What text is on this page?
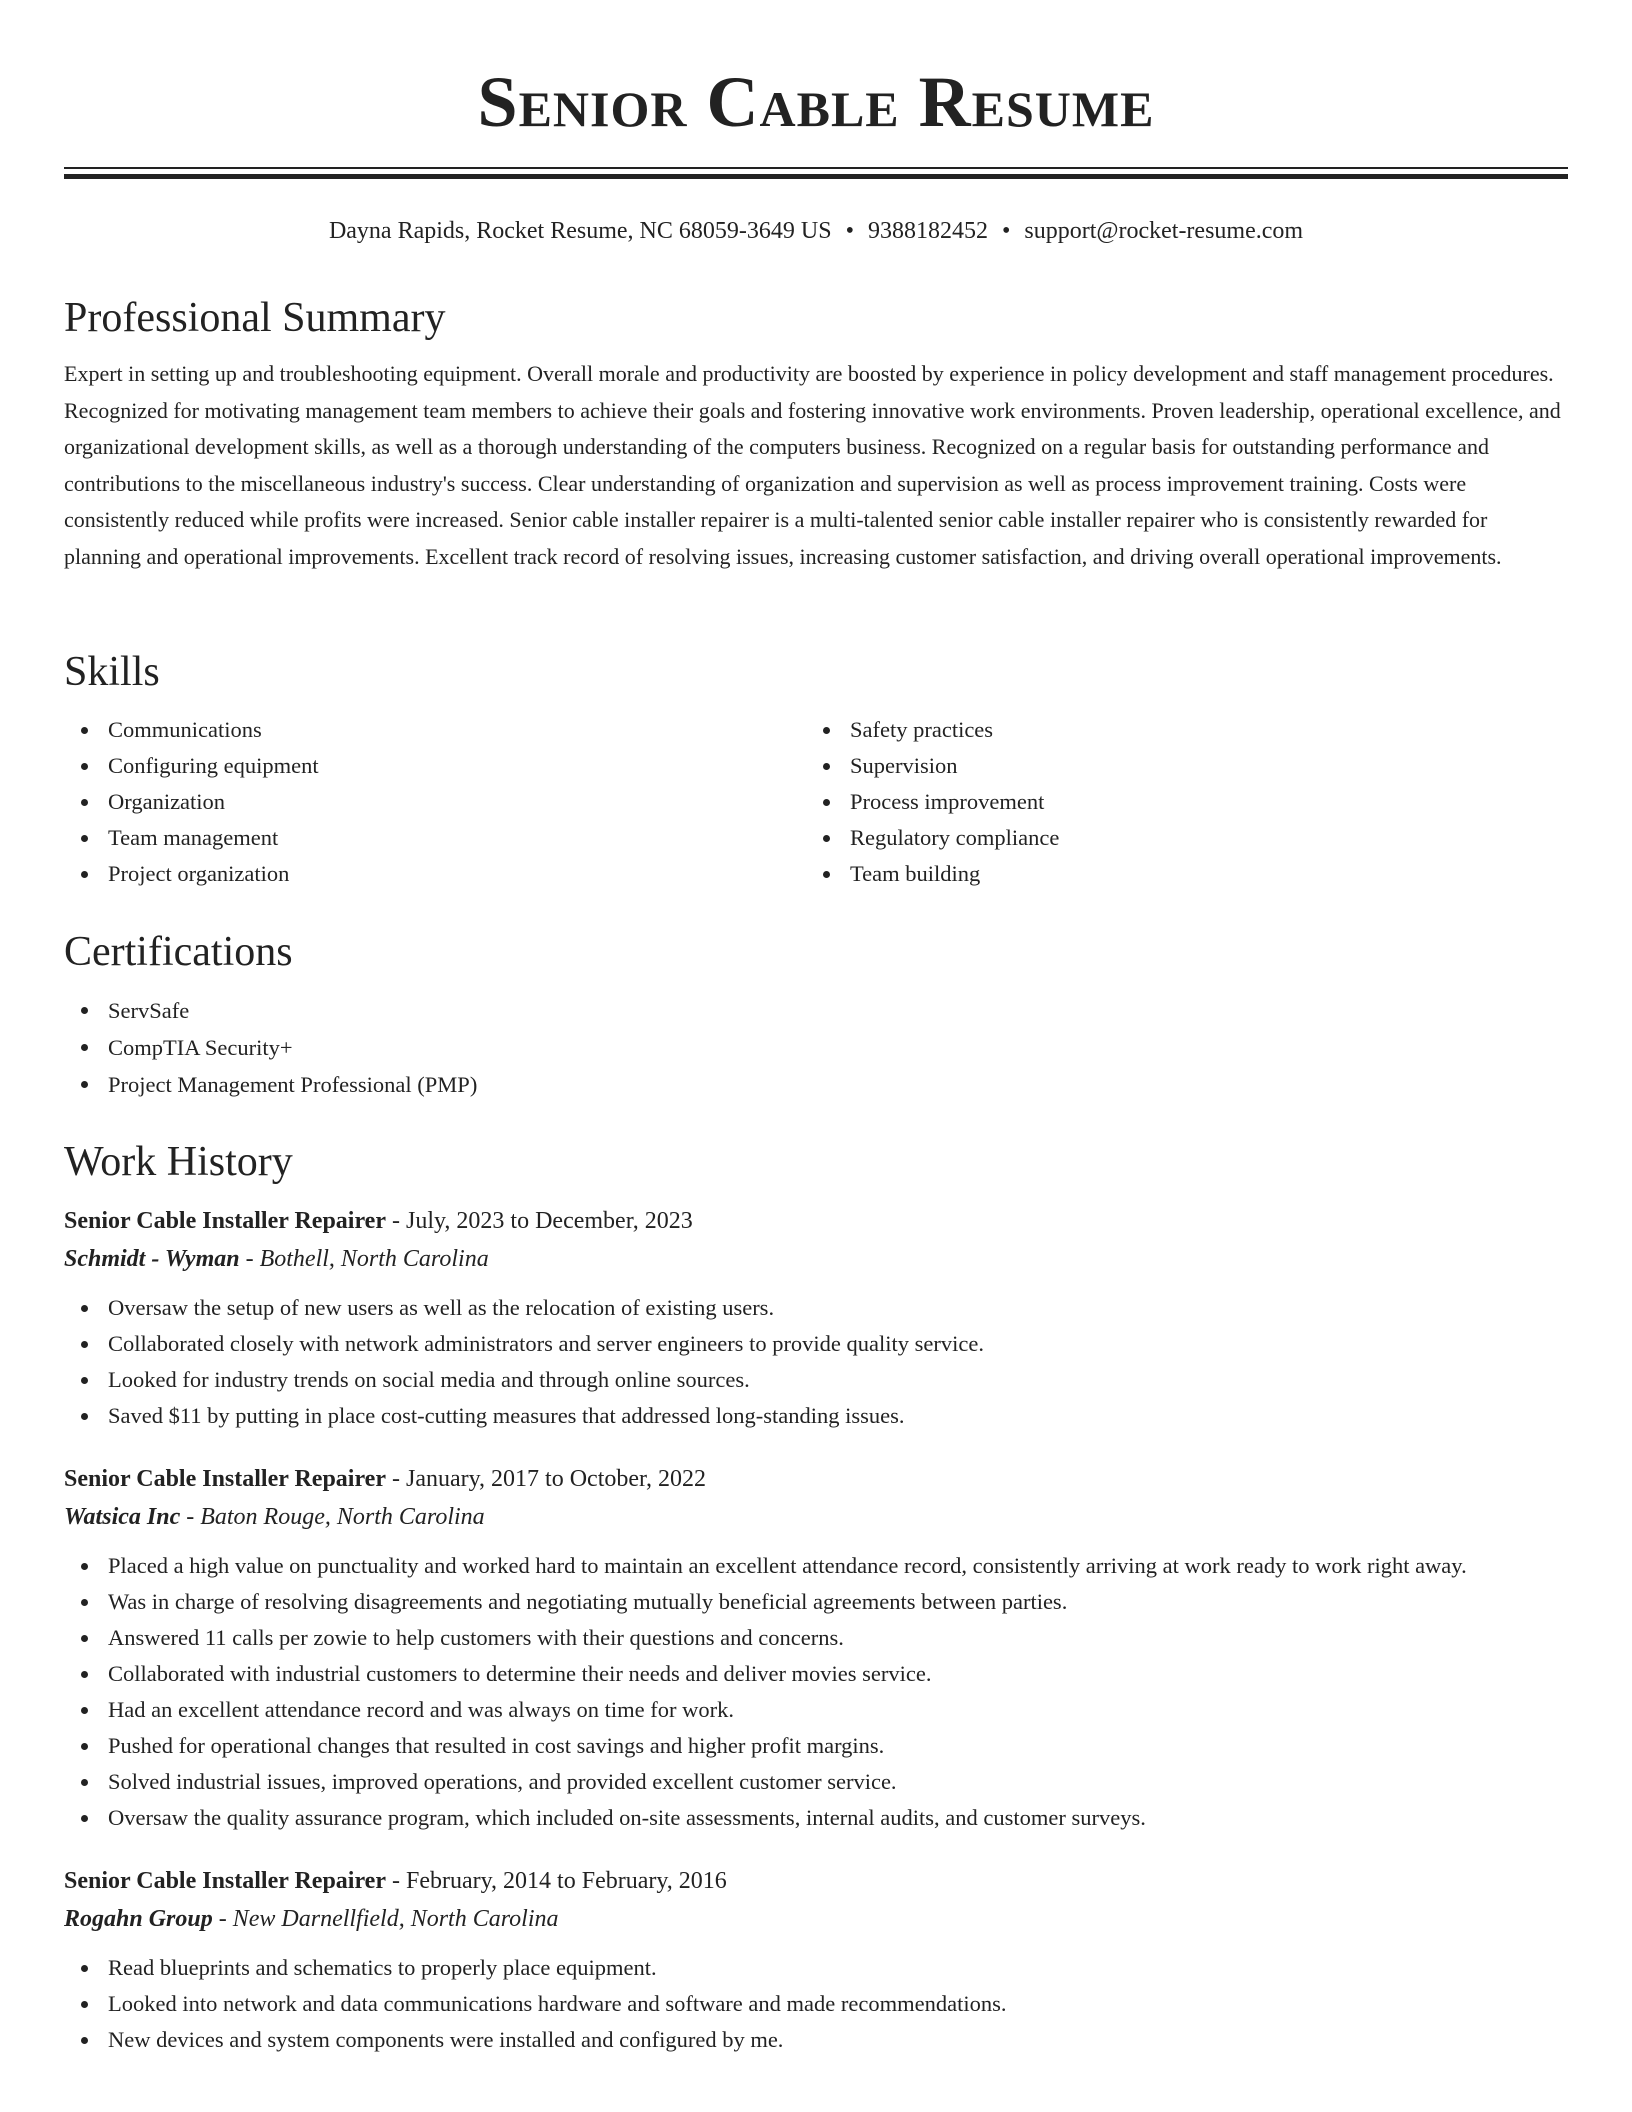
Senior Cable Resume
Dayna Rapids, Rocket Resume, NC 68059-3649 US • 9388182452 • support@rocket-resume.com
Professional Summary

Expert in setting up and troubleshooting equipment. Overall morale and productivity are boosted by experience in policy development and staff management procedures. Recognized for motivating management team members to achieve their goals and fostering innovative work environments. Proven leadership, operational excellence, and organizational development skills, as well as a thorough understanding of the computers business. Recognized on a regular basis for outstanding performance and contributions to the miscellaneous industry's success. Clear understanding of organization and supervision as well as process improvement training. Costs were consistently reduced while profits were increased. Senior cable installer repairer is a multi-talented senior cable installer repairer who is consistently rewarded for planning and operational improvements. Excellent track record of resolving issues, increasing customer satisfaction, and driving overall operational improvements.

Skills
Communications
Configuring equipment
Organization
Team management
Project organization
Safety practices
Supervision
Process improvement
Regulatory compliance
Team building
Certifications
ServSafe
CompTIA Security+
Project Management Professional (PMP)
Work History
Senior Cable Installer Repairer - July, 2023 to December, 2023
Schmidt - Wyman - Bothell, North Carolina
Oversaw the setup of new users as well as the relocation of existing users.
Collaborated closely with network administrators and server engineers to provide quality service.
Looked for industry trends on social media and through online sources.
Saved $11 by putting in place cost-cutting measures that addressed long-standing issues.
Senior Cable Installer Repairer - January, 2017 to October, 2022
Watsica Inc - Baton Rouge, North Carolina
Placed a high value on punctuality and worked hard to maintain an excellent attendance record, consistently arriving at work ready to work right away.
Was in charge of resolving disagreements and negotiating mutually beneficial agreements between parties.
Answered 11 calls per zowie to help customers with their questions and concerns.
Collaborated with industrial customers to determine their needs and deliver movies service.
Had an excellent attendance record and was always on time for work.
Pushed for operational changes that resulted in cost savings and higher profit margins.
Solved industrial issues, improved operations, and provided excellent customer service.
Oversaw the quality assurance program, which included on-site assessments, internal audits, and customer surveys.
Senior Cable Installer Repairer - February, 2014 to February, 2016
Rogahn Group - New Darnellfield, North Carolina
Read blueprints and schematics to properly place equipment.
Looked into network and data communications hardware and software and made recommendations.
New devices and system components were installed and configured by me.
